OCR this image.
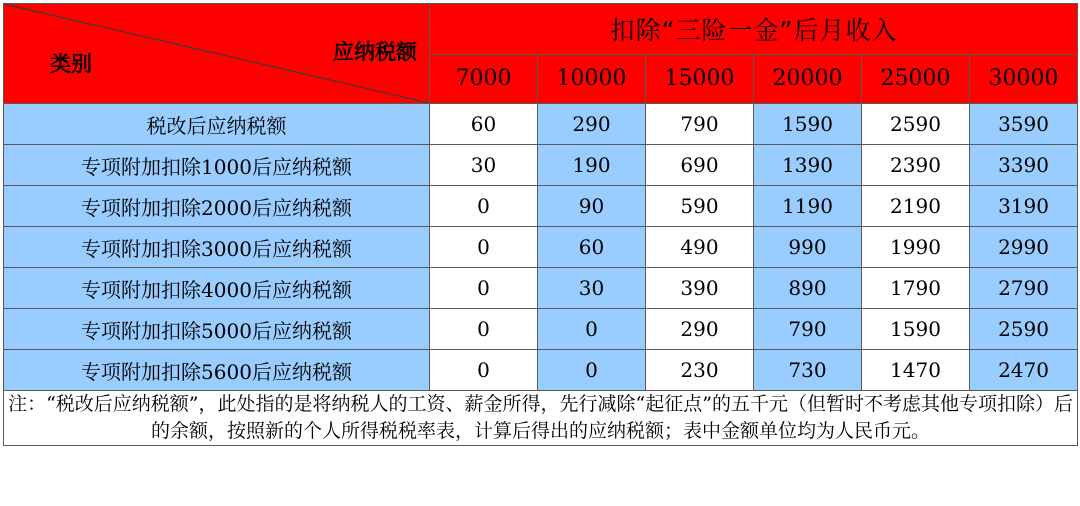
应纳税额
类别	扣除“三险一金”后月收入					
	7000	10000	15000	20000	25000	30000
税改后应纳税额	60	290	790	1590	2590	3590
专项附加扣除1000后应纳税额	30	190	690	1390	2390	3390
专项附加扣除2000后应纳税额	0	90	590	1190	2190	3190
专项附加扣除3000后应纳税额	0	60	490	990	1990	2990
专项附加扣除4000后应纳税额	0	30	390	890	1790	2790
专项附加扣除5000后应纳税额	0	0	290	790	1590	2590
专项附加扣除5600后应纳税额	0	0	230	730	1470	2470
注：“税改后应纳税额”，此处指的是将纳税人的工资、薪金所得，先行减除“起征点”的五千元（但暂时不考虑其他专项扣除）后的余额，按照新的个人所得税税率表，计算后得出的应纳税额；表中金额单位均为人民币元。						
